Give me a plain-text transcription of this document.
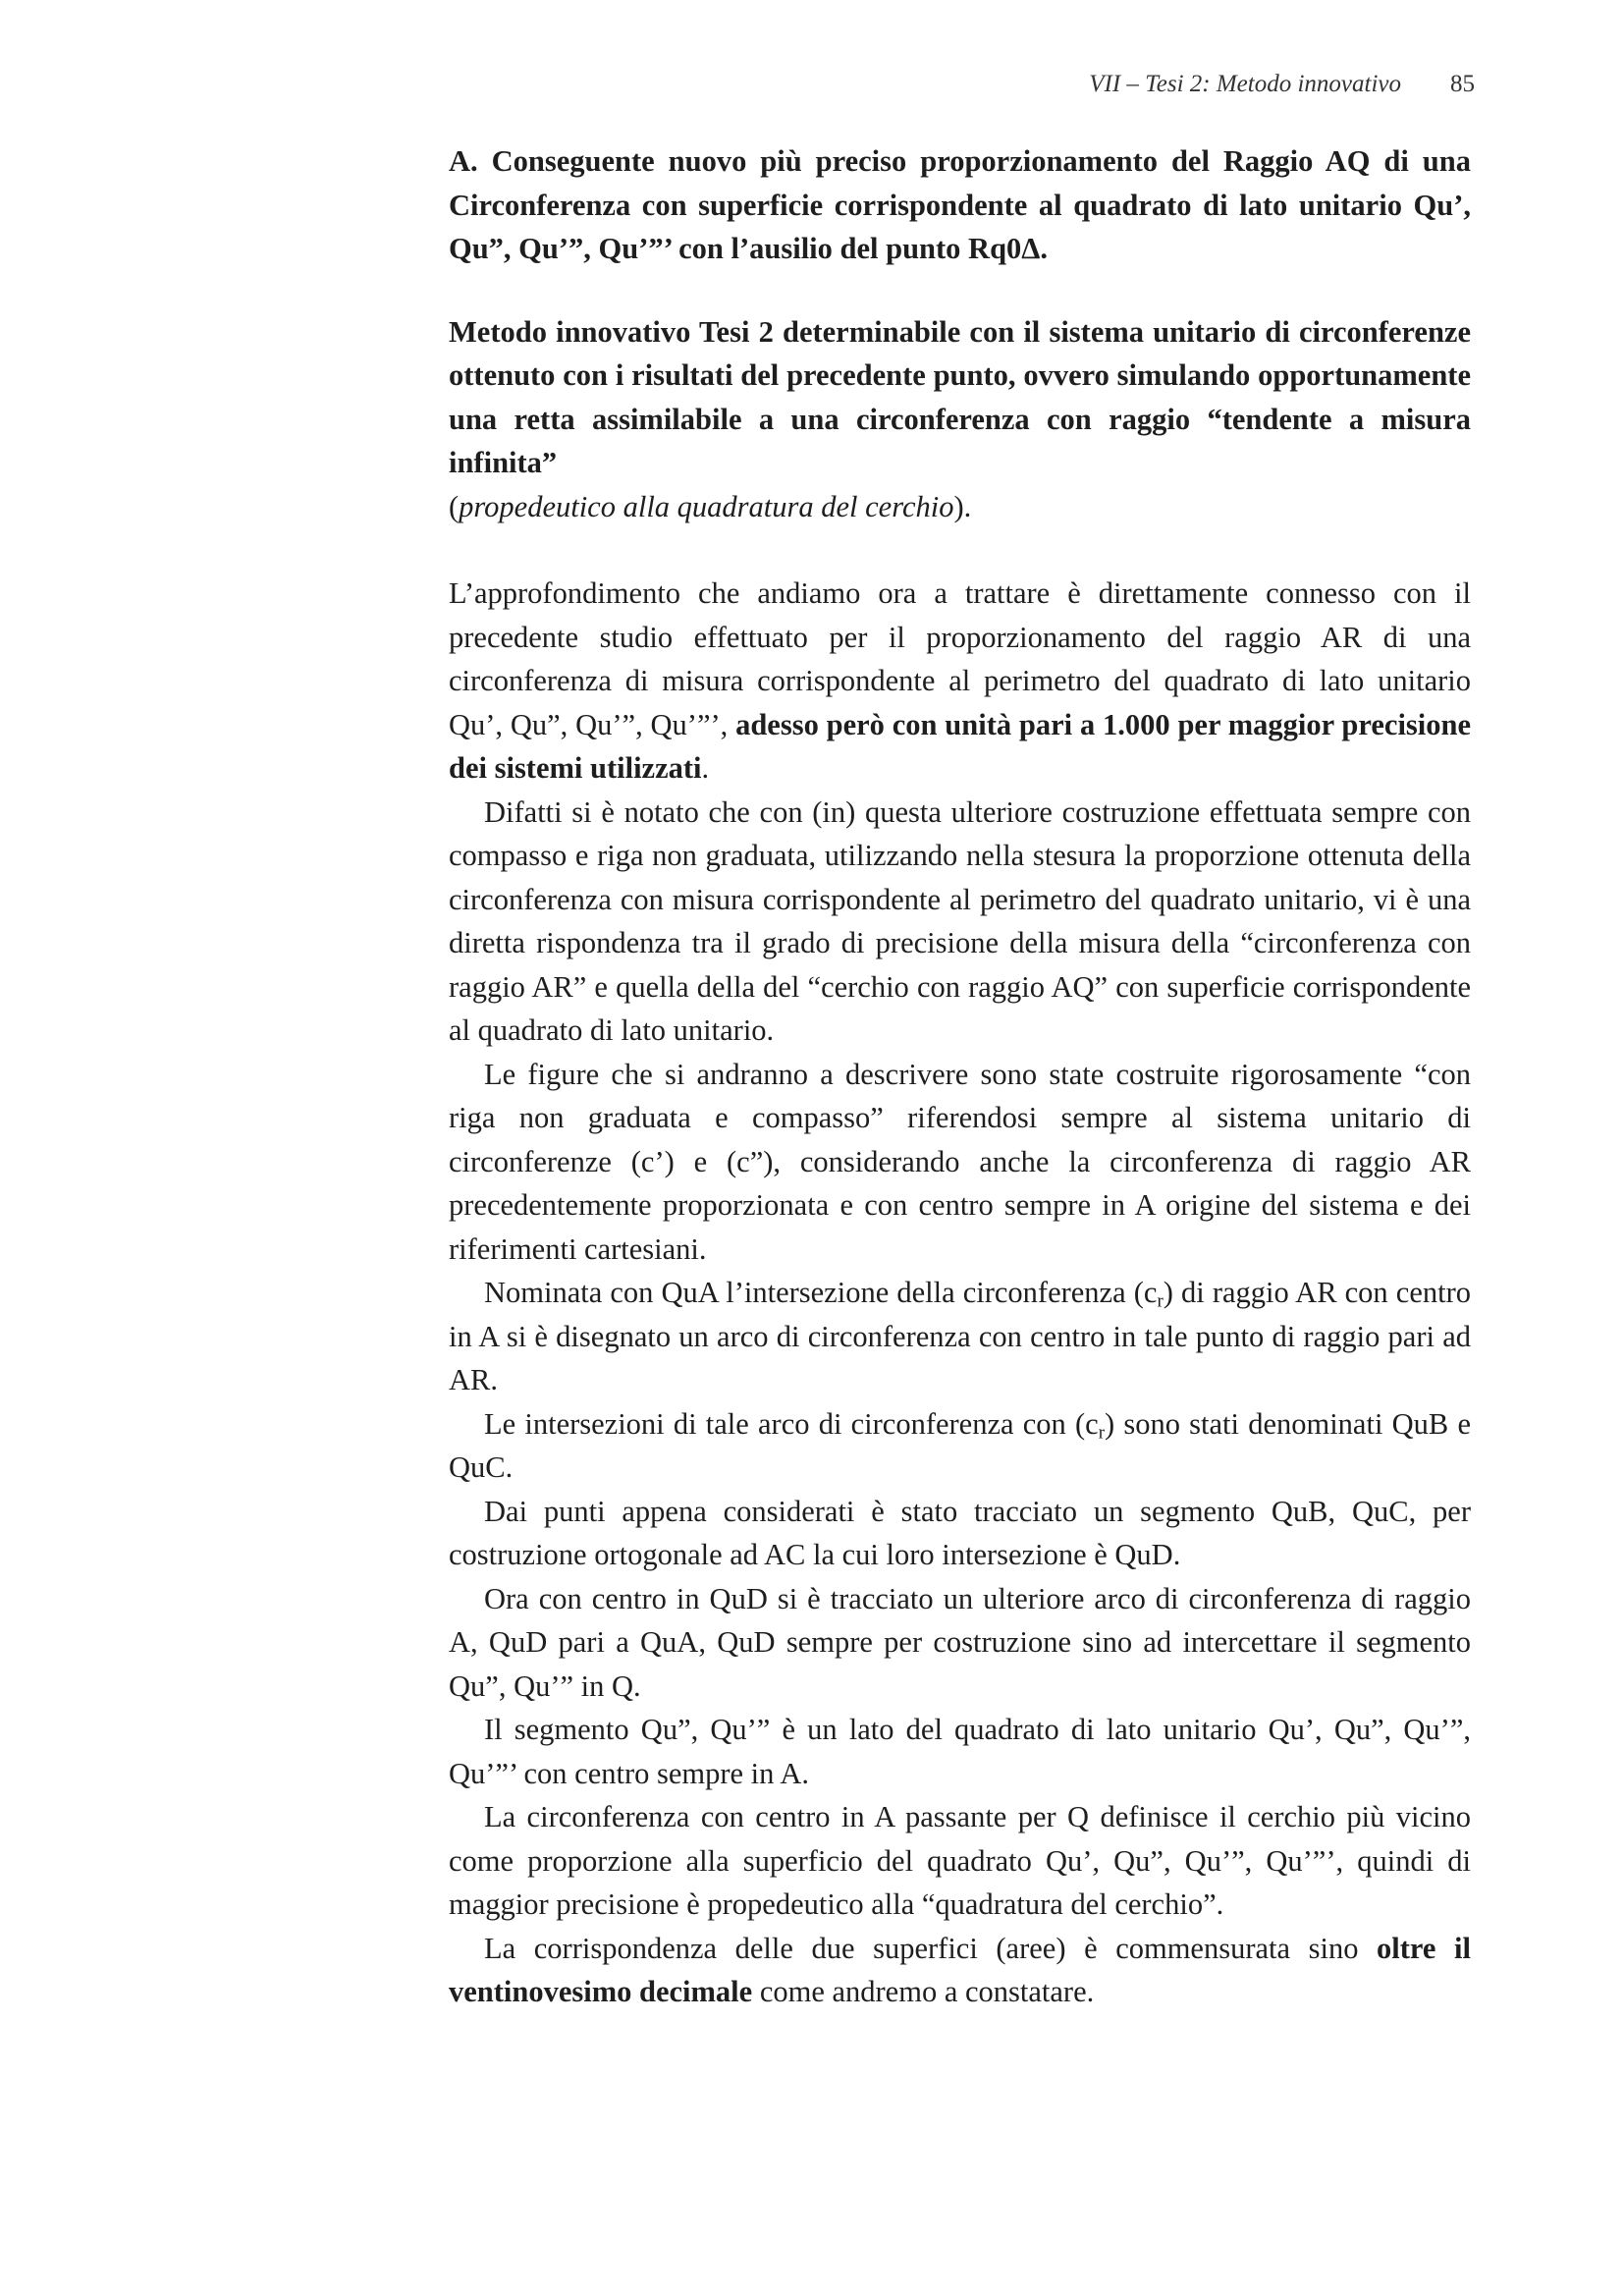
VII – Tesi 2: Metodo innovativo 85

A. Conseguente nuovo più preciso proporzionamento del Raggio AQ di una Circonferenza con superficie corrispondente al quadrato di lato unitario Qu’, Qu”, Qu’”, Qu’”’ con l’ausilio del punto Rq0Δ.

Metodo innovativo Tesi 2 determinabile con il sistema unitario di circonferenze ottenuto con i risultati del precedente punto, ovvero simulando opportunamente una retta assimilabile a una circonferenza con raggio “tendente a misura infinita”

(propedeutico alla quadratura del cerchio).

L’approfondimento che andiamo ora a trattare è direttamente connesso con il precedente studio effettuato per il proporzionamento del raggio AR di una circonferenza di misura corrispondente al perimetro del quadrato di lato unitario Qu’, Qu”, Qu’”, Qu’”’, adesso però con unità pari a 1.000 per maggior precisione dei sistemi utilizzati.

Difatti si è notato che con (in) questa ulteriore costruzione effettuata sempre con compasso e riga non graduata, utilizzando nella stesura la proporzione ottenuta della circonferenza con misura corrispondente al perimetro del quadrato unitario, vi è una diretta rispondenza tra il grado di precisione della misura della “circonferenza con raggio AR” e quella della del “cerchio con raggio AQ” con superficie corrispondente al quadrato di lato unitario.

Le figure che si andranno a descrivere sono state costruite rigorosamente “con riga non graduata e compasso” riferendosi sempre al sistema unitario di circonferenze (c’) e (c”), considerando anche la circonferenza di raggio AR precedentemente proporzionata e con centro sempre in A origine del sistema e dei riferimenti cartesiani.

Nominata con QuA l’intersezione della circonferenza $(c_r)$ di raggio AR con centro in A si è disegnato un arco di circonferenza con centro in tale punto di raggio pari ad AR.

Le intersezioni di tale arco di circonferenza con $(c_r)$ sono stati denominati QuB e QuC.

Dai punti appena considerati è stato tracciato un segmento QuB, QuC, per costruzione ortogonale ad AC la cui loro intersezione è QuD.

Ora con centro in QuD si è tracciato un ulteriore arco di circonferenza di raggio A, QuD pari a QuA, QuD sempre per costruzione sino ad intercettare il segmento Qu”, Qu’” in Q.

Il segmento Qu”, Qu’” è un lato del quadrato di lato unitario Qu’, Qu”, Qu’”, Qu’”’ con centro sempre in A.

La circonferenza con centro in A passante per Q definisce il cerchio più vicino come proporzione alla superficio del quadrato Qu’, Qu”, Qu’”, Qu’”’, quindi di maggior precisione è propedeutico alla “quadratura del cerchio”.

La corrispondenza delle due superfici (aree) è commensurata sino oltre il ventinovesimo decimale come andremo a constatare.
